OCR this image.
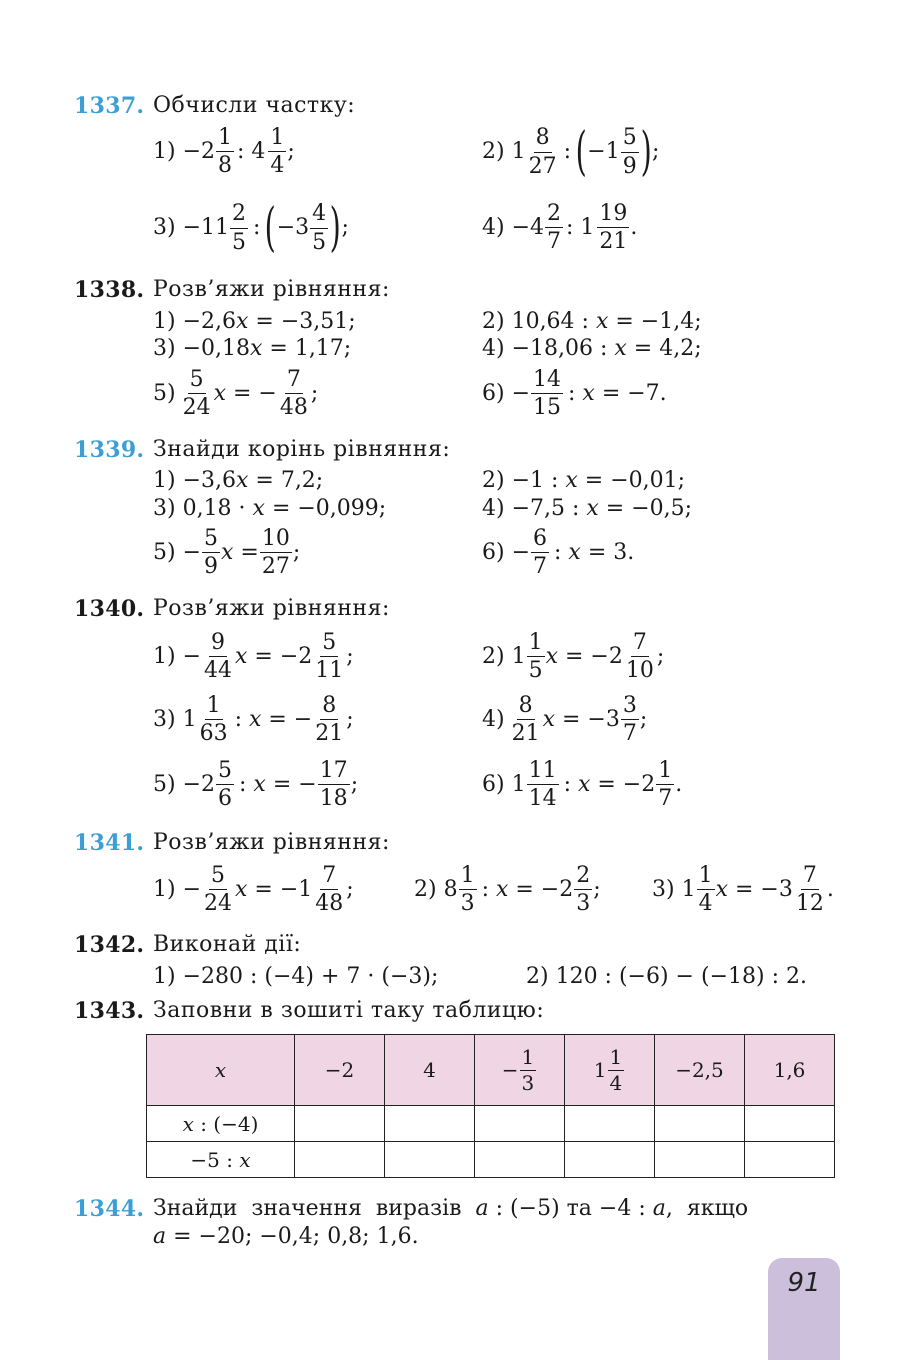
1337. Обчисли частку:
$1) -2 \frac{1}{8}$ : $4 \frac{1}{4}$ ;	2) $1 \frac{8}{27}$ : ( $-1 \frac{5}{9}$ ) ;
$3) -11 \frac{2}{5}$ : ( $-3 \frac{4}{5}$ ) ;	$4) -4 \frac{2}{7}$ : $1 \frac{19}{21}$ .
1338. Розв’яжи рівняння:
1) −2,6𝑥 = −3,51;	2) 10,64 : 𝑥 = −1,4;
3) −0,18𝑥 = 1,17;	4) −18,06 : 𝑥 = 4,2;
$5) \frac{5}{24}$ 𝑥 = − $\frac{7}{48}$ ;	$6) - \frac{14}{15}$ : 𝑥 = −7.
1339. Знайди корінь рівняння:
1) −3,6𝑥 = 7,2;	2) −1 : 𝑥 = −0,01;
3) 0,18 · 𝑥 = −0,099;	4) −7,5 : 𝑥 = −0,5;
$5) - \frac{5}{9}$ 𝑥 = $\frac{10}{27}$ ;	$6) - \frac{6}{7}$ : 𝑥 = 3.
1340. Розв’яжи рівняння:
$1) - \frac{9}{44}$ 𝑥 = $-2 \frac{5}{11}$ ;	2) $1 \frac{1}{5}$ 𝑥 = $-2 \frac{7}{10}$ ;
3) $1 \frac{1}{63}$ : 𝑥 = − $\frac{8}{21}$ ;	$4) \frac{8}{21}$ 𝑥 = $-3 \frac{3}{7}$ ;
$5) -2 \frac{5}{6}$ : 𝑥 = − $\frac{17}{18}$ ;	6) $1 \frac{11}{14}$ : 𝑥 = $-2 \frac{1}{7}$ .
1341. Розв’яжи рівняння:
$1) - \frac{5}{24}$ 𝑥 = $-1 \frac{7}{48}$ ;	2) $8 \frac{1}{3}$ : 𝑥 = $-2 \frac{2}{3}$ ; 3) $1 \frac{1}{4}$ 𝑥 = $-3 \frac{7}{12}$ .
1342. Виконай дії:
1) −280 : (−4) + 7 · (−3);	2) 120 : (−6) − (−18) : 2.
1343. Заповни в зошиті таку таблицю:
𝑥	−2	4	− $\frac{1}{3}$	$1 \frac{1}{4}$	−2,5	1,6
𝑥 : (−4)						
−5 : 𝑥						
1344. Знайди  значення  виразів  𝑎 : (−5) та −4 : 𝑎,  якщо
𝑎 = −20; −0,4; 0,8; 1,6.
91
